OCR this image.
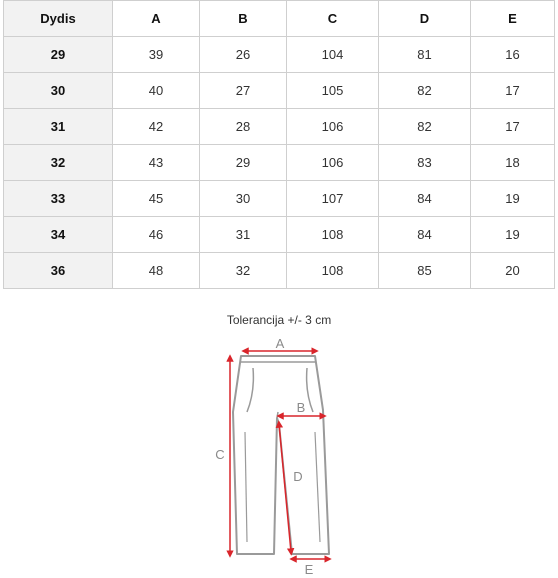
Dydis	A	B	C	D	E
29	39	26	104	81	16
30	40	27	105	82	17
31	42	28	106	82	17
32	43	29	106	83	18
33	45	30	107	84	19
34	46	31	108	84	19
36	48	32	108	85	20
Tolerancija +/- 3 cm
A
B
C
D
E
